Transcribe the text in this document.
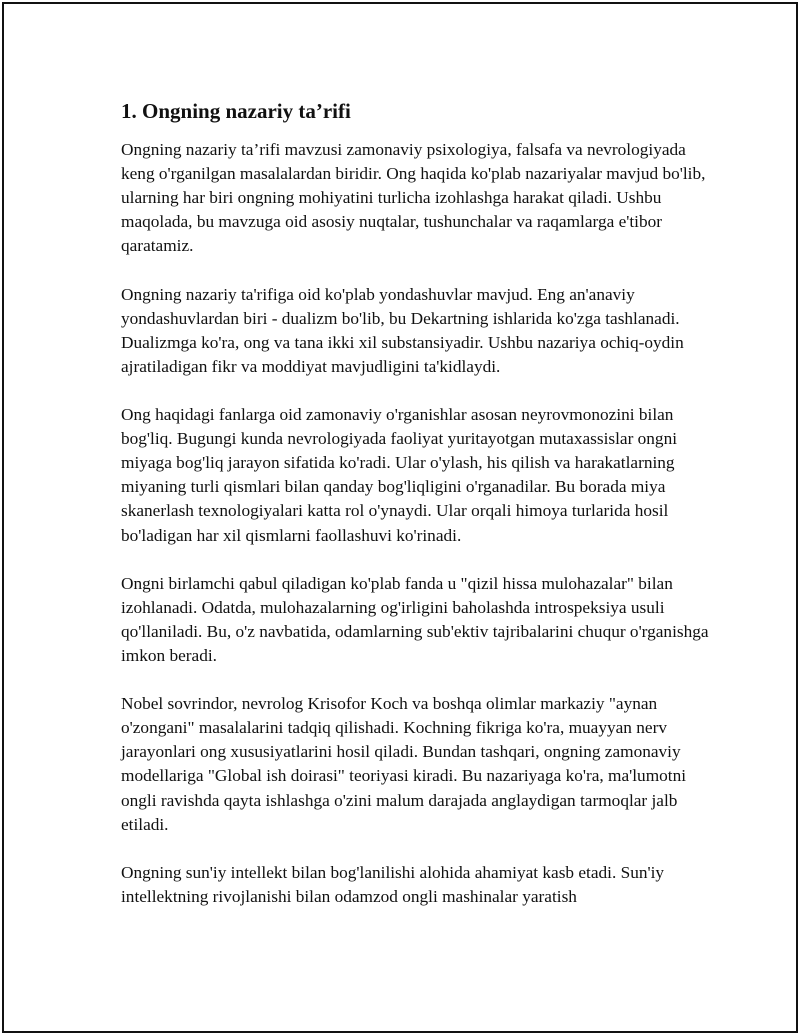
1. Ongning nazariy ta’rifi

Ongning nazariy ta’rifi mavzusi zamonaviy psixologiya, falsafa va nevrologiyada keng o'rganilgan masalalardan biridir. Ong haqida ko'plab nazariyalar mavjud bo'lib, ularning har biri ongning mohiyatini turlicha izohlashga harakat qiladi. Ushbu maqolada, bu mavzuga oid asosiy nuqtalar, tushunchalar va raqamlarga e'tibor qaratamiz.

Ongning nazariy ta'rifiga oid ko'plab yondashuvlar mavjud. Eng an'anaviy yondashuvlardan biri - dualizm bo'lib, bu Dekartning ishlarida ko'zga tashlanadi. Dualizmga ko'ra, ong va tana ikki xil substansiyadir. Ushbu nazariya ochiq-oydin ajratiladigan fikr va moddiyat mavjudligini ta'kidlaydi.

Ong haqidagi fanlarga oid zamonaviy o'rganishlar asosan neyrovmonozini bilan bog'liq. Bugungi kunda nevrologiyada faoliyat yuritayotgan mutaxassislar ongni miyaga bog'liq jarayon sifatida ko'radi. Ular o'ylash, his qilish va harakatlarning miyaning turli qismlari bilan qanday bog'liqligini o'rganadilar. Bu borada miya skanerlash texnologiyalari katta rol o'ynaydi. Ular orqali himoya turlarida hosil bo'ladigan har xil qismlarni faollashuvi ko'rinadi.

Ongni birlamchi qabul qiladigan ko'plab fanda u "qizil hissa mulohazalar" bilan izohlanadi. Odatda, mulohazalarning og'irligini baholashda introspeksiya usuli qo'llaniladi. Bu, o'z navbatida, odamlarning sub'ektiv tajribalarini chuqur o'rganishga imkon beradi.

Nobel sovrindor, nevrolog Krisofor Koch va boshqa olimlar markaziy "aynan o'zongani" masalalarini tadqiq qilishadi. Kochning fikriga ko'ra, muayyan nerv jarayonlari ong xususiyatlarini hosil qiladi. Bundan tashqari, ongning zamonaviy modellariga "Global ish doirasi" teoriyasi kiradi. Bu nazariyaga ko'ra, ma'lumotni ongli ravishda qayta ishlashga o'zini malum darajada anglaydigan tarmoqlar jalb etiladi.

Ongning sun'iy intellekt bilan bog'lanilishi alohida ahamiyat kasb etadi. Sun'iy intellektning rivojlanishi bilan odamzod ongli mashinalar yaratish
